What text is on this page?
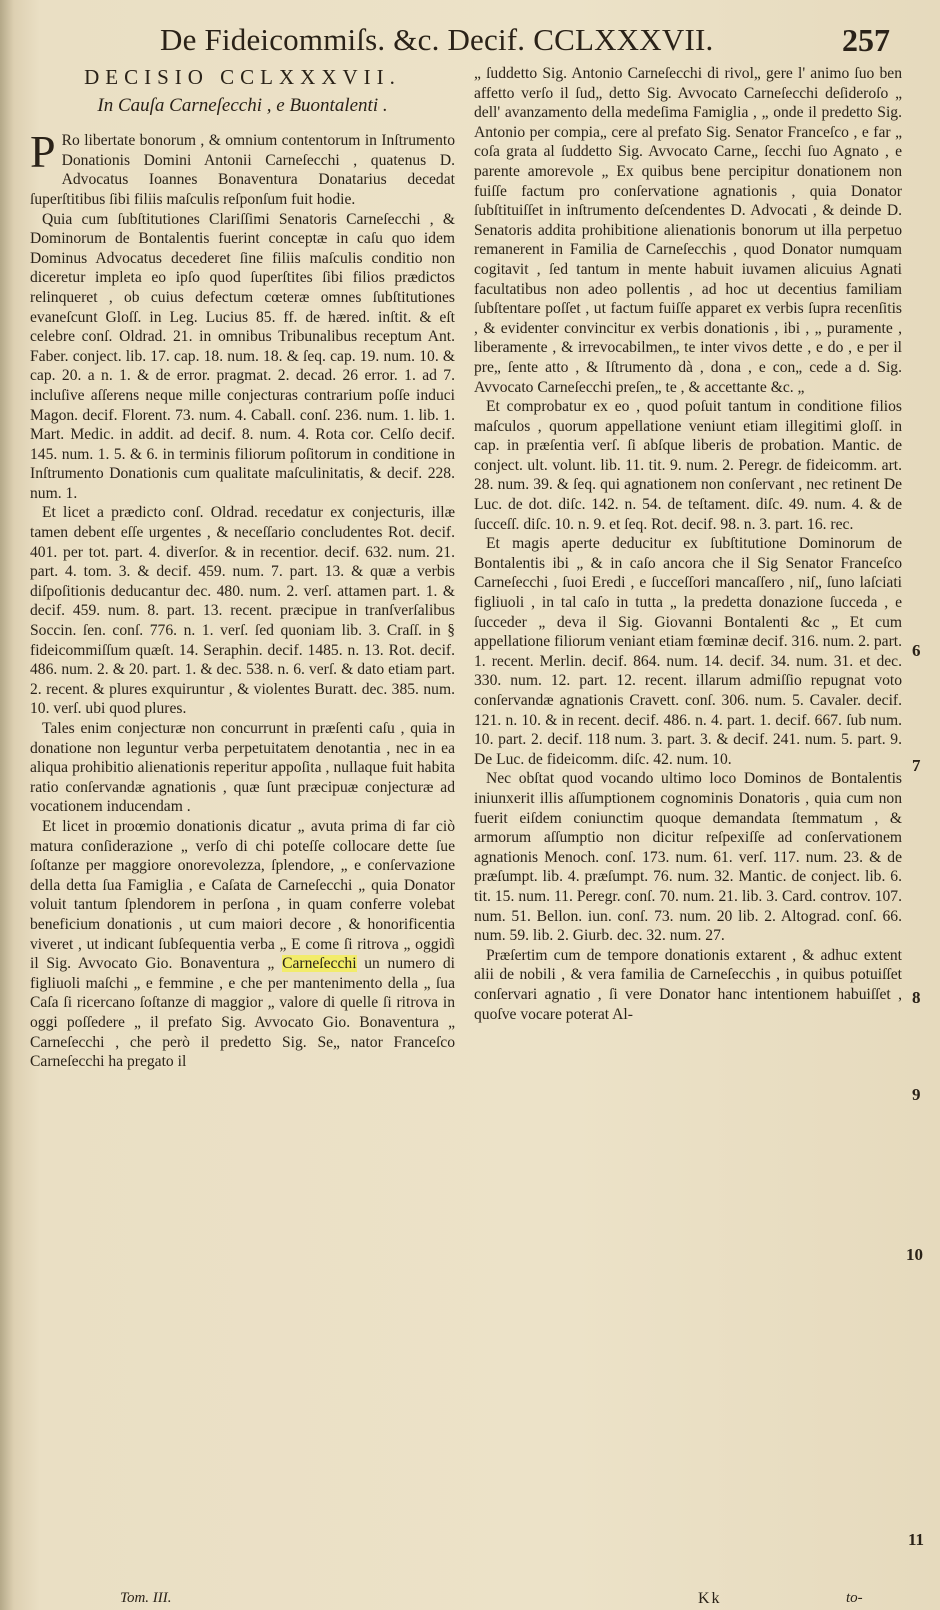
De Fideicommiſs. &c. Decif. CCLXXXVII.	257
DECISIO CCLXXXVII.
In Cauſa Carneſecchi , e Buontalenti .

P Ro libertate bonorum , & omnium contentorum in Inſtrumento Donationis Domini Antonii Carneſecchi , quatenus D. Advocatus Ioannes Bonaventura Donatarius decedat ſuperſtitibus ſibi filiis maſculis reſponſum fuit hodie.

Quia cum ſubſtitutiones Clariſſimi Senatoris Carneſecchi , & Dominorum de Bontalentis fuerint conceptæ in caſu quo idem Dominus Advocatus decederet ſine filiis maſculis conditio non diceretur impleta eo ipſo quod ſuperſtites ſibi filios prædictos relinqueret , ob cuius defectum cœteræ omnes ſubſtitutiones evaneſcunt Gloſſ. in Leg. Lucius 85. ff. de hæred. inſtit. & eſt celebre conſ. Oldrad. 21. in omnibus Tribunalibus receptum Ant. Faber. conject. lib. 17. cap. 18. num. 18. & ſeq. cap. 19. num. 10. & cap. 20. a n. 1. & de error. pragmat. 2. decad. 26 error. 1. ad 7. incluſive aſſerens neque mille conjecturas contrarium poſſe induci Magon. decif. Florent. 73. num. 4. Caball. conſ. 236. num. 1. lib. 1. Mart. Medic. in addit. ad decif. 8. num. 4. Rota cor. Celſo decif. 145. num. 1. 5. & 6. in terminis filiorum poſitorum in conditione in Inſtrumento Donationis cum qualitate maſculinitatis, & decif. 228. num. 1.

Et licet a prædicto conſ. Oldrad. recedatur ex conjecturis, illæ tamen debent eſſe urgentes , & neceſſario concludentes Rot. decif. 401. per tot. part. 4. diverſor. & in recentior. decif. 632. num. 21. part. 4. tom. 3. & decif. 459. num. 7. part. 13. & quæ a verbis diſpoſitionis deducantur dec. 480. num. 2. verſ. attamen part. 1. & decif. 459. num. 8. part. 13. recent. præcipue in tranſverſalibus Soccin. ſen. conſ. 776. n. 1. verſ. ſed quoniam lib. 3. Craſſ. in § fideicommiſſum quæſt. 14. Seraphin. decif. 1485. n. 13. Rot. decif. 486. num. 2. & 20. part. 1. & dec. 538. n. 6. verſ. & dato etiam part. 2. recent. & plures exquiruntur , & violentes Buratt. dec. 385. num. 10. verſ. ubi quod plures.

Tales enim conjecturæ non concurrunt in præſenti caſu , quia in donatione non leguntur verba perpetuitatem denotantia , nec in ea aliqua prohibitio alienationis reperitur appoſita , nullaque fuit habita ratio conſervandæ agnationis , quæ ſunt præcipuæ conjecturæ ad vocationem inducendam .

Et licet in proœmio donationis dicatur „ avuta prima di far ciò matura conſiderazione „ verſo di chi poteſſe collocare dette ſue ſoſtanze per maggiore onorevolezza, ſplendore, „ e conſervazione della detta ſua Famiglia , e Caſata de Carneſecchi „ quia Donator voluit tantum ſplendorem in perſona , in quam conferre volebat beneficium donationis , ut cum maiori decore , & honorificentia viveret , ut indicant ſubſequentia verba „ E come ſi ritrova „ oggidì il Sig. Avvocato Gio. Bonaventura „ Carneſecchi un numero di figliuoli maſchi „ e femmine , e che per mantenimento della „ ſua Caſa ſi ricercano ſoſtanze di maggior „ valore di quelle ſi ritrova in oggi poſſedere „ il prefato Sig. Avvocato Gio. Bonaventura „ Carneſecchi , che però il predetto Sig. Se„ nator Franceſco Carneſecchi ha pregato il

„ ſuddetto Sig. Antonio Carneſecchi di rivol„ gere l' animo ſuo ben affetto verſo il ſud„ detto Sig. Avvocato Carneſecchi deſideroſo „ dell' avanzamento della medeſima Famiglia , „ onde il predetto Sig. Antonio per compia„ cere al prefato Sig. Senator Franceſco , e far „ coſa grata al ſuddetto Sig. Avvocato Carne„ ſecchi ſuo Agnato , e parente amorevole „ Ex quibus bene percipitur donationem non fuiſſe factum pro conſervatione agnationis , quia Donator ſubſtituiſſet in inſtrumento deſcendentes D. Advocati , & deinde D. Senatoris addita prohibitione alienationis bonorum ut illa perpetuo remanerent in Familia de Carneſecchis , quod Donator numquam cogitavit , ſed tantum in mente habuit iuvamen alicuius Agnati facultatibus non adeo pollentis , ad hoc ut decentius familiam ſubſtentare poſſet , ut factum fuiſſe apparet ex verbis ſupra recenſitis , & evidenter convincitur ex verbis donationis , ibi , „ puramente , liberamente , & irrevocabilmen„ te inter vivos dette , e do , e per il pre„ ſente atto , & Iſtrumento dà , dona , e con„ cede a d. Sig. Avvocato Carneſecchi preſen„ te , & accettante &c. „

Et comprobatur ex eo , quod poſuit tantum in conditione filios maſculos , quorum appellatione veniunt etiam illegitimi gloſſ. in cap. in præſentia verſ. ſi abſque liberis de probation. Mantic. de conject. ult. volunt. lib. 11. tit. 9. num. 2. Peregr. de fideicomm. art. 28. num. 39. & ſeq. qui agnationem non conſervant , nec retinent De Luc. de dot. diſc. 142. n. 54. de teſtament. diſc. 49. num. 4. & de ſucceſſ. diſc. 10. n. 9. et ſeq. Rot. decif. 98. n. 3. part. 16. rec.

Et magis aperte deducitur ex ſubſtitutione Dominorum de Bontalentis ibi „ & in caſo ancora che il Sig Senator Franceſco Carneſecchi , ſuoi Eredi , e ſucceſſori mancaſſero , niſ„ ſuno laſciati figliuoli , in tal caſo in tutta „ la predetta donazione ſucceda , e ſucceder „ deva il Sig. Giovanni Bontalenti &c „ Et cum appellatione filiorum veniant etiam fœminæ decif. 316. num. 2. part. 1. recent. Merlin. decif. 864. num. 14. decif. 34. num. 31. et dec. 330. num. 12. part. 12. recent. illarum admiſſio repugnat voto conſervandæ agnationis Cravett. conſ. 306. num. 5. Cavaler. decif. 121. n. 10. & in recent. decif. 486. n. 4. part. 1. decif. 667. ſub num. 10. part. 2. decif. 118 num. 3. part. 3. & decif. 241. num. 5. part. 9. De Luc. de fideicomm. diſc. 42. num. 10.

Nec obſtat quod vocando ultimo loco Dominos de Bontalentis iniunxerit illis aſſumptionem cognominis Donatoris , quia cum non fuerit eiſdem coniunctim quoque demandata ſtemmatum , & armorum aſſumptio non dicitur reſpexiſſe ad conſervationem agnationis Menoch. conſ. 173. num. 61. verſ. 117. num. 23. & de præſumpt. lib. 4. præſumpt. 76. num. 32. Mantic. de conject. lib. 6. tit. 15. num. 11. Peregr. conſ. 70. num. 21. lib. 3. Card. controv. 107. num. 51. Bellon. iun. conſ. 73. num. 20 lib. 2. Altograd. conſ. 66. num. 59. lib. 2. Giurb. dec. 32. num. 27.

Præſertim cum de tempore donationis extarent , & adhuc extent alii de nobili , & vera familia de Carneſecchis , in quibus potuiſſet conſervari agnatio , ſi vere Donator hanc intentionem habuiſſet , quoſve vocare poterat Al-

6
7
8
9
10
11
Tom. III.	Kk	to-
